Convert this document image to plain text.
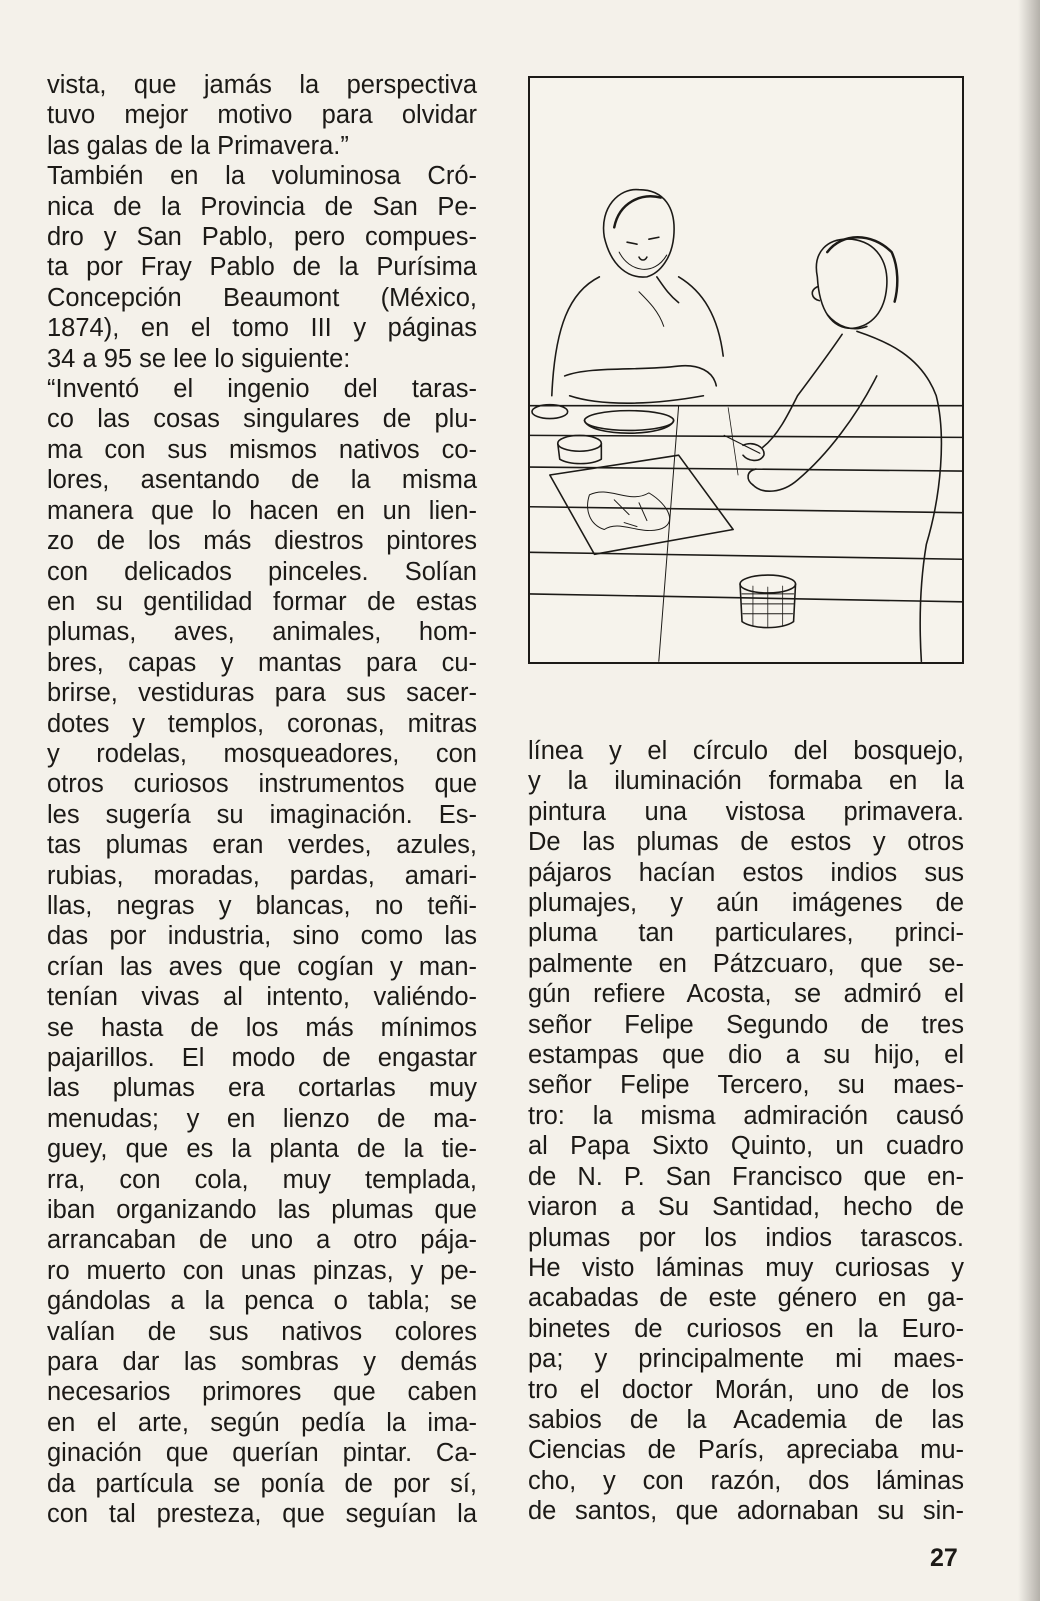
vista, que jamás la perspectiva
tuvo mejor motivo para olvidar
las galas de la Primavera.”
También en la voluminosa Cró-
nica de la Provincia de San Pe-
dro y San Pablo, pero compues-
ta por Fray Pablo de la Purísima
Concepción Beaumont (México,
1874), en el tomo III y páginas
34 a 95 se lee lo siguiente:
“Inventó el ingenio del taras-
co las cosas singulares de plu-
ma con sus mismos nativos co-
lores, asentando de la misma
manera que lo hacen en un lien-
zo de los más diestros pintores
con delicados pinceles. Solían
en su gentilidad formar de estas
plumas, aves, animales, hom-
bres, capas y mantas para cu-
brirse, vestiduras para sus sacer-
dotes y templos, coronas, mitras
y rodelas, mosqueadores, con
otros curiosos instrumentos que
les sugería su imaginación. Es-
tas plumas eran verdes, azules,
rubias, moradas, pardas, amari-
llas, negras y blancas, no teñi-
das por industria, sino como las
crían las aves que cogían y man-
tenían vivas al intento, valiéndo-
se hasta de los más mínimos
pajarillos. El modo de engastar
las plumas era cortarlas muy
menudas; y en lienzo de ma-
guey, que es la planta de la tie-
rra, con cola, muy templada,
iban organizando las plumas que
arrancaban de uno a otro pája-
ro muerto con unas pinzas, y pe-
gándolas a la penca o tabla; se
valían de sus nativos colores
para dar las sombras y demás
necesarios primores que caben
en el arte, según pedía la ima-
ginación que querían pintar. Ca-
da partícula se ponía de por sí,
con tal presteza, que seguían la
línea y el círculo del bosquejo,
y la iluminación formaba en la
pintura una vistosa primavera.
De las plumas de estos y otros
pájaros hacían estos indios sus
plumajes, y aún imágenes de
pluma tan particulares, princi-
palmente en Pátzcuaro, que se-
gún refiere Acosta, se admiró el
señor Felipe Segundo de tres
estampas que dio a su hijo, el
señor Felipe Tercero, su maes-
tro: la misma admiración causó
al Papa Sixto Quinto, un cuadro
de N. P. San Francisco que en-
viaron a Su Santidad, hecho de
plumas por los indios tarascos.
He visto láminas muy curiosas y
acabadas de este género en ga-
binetes de curiosos en la Euro-
pa; y principalmente mi maes-
tro el doctor Morán, uno de los
sabios de la Academia de las
Ciencias de París, apreciaba mu-
cho, y con razón, dos láminas
de santos, que adornaban su sin-
27
